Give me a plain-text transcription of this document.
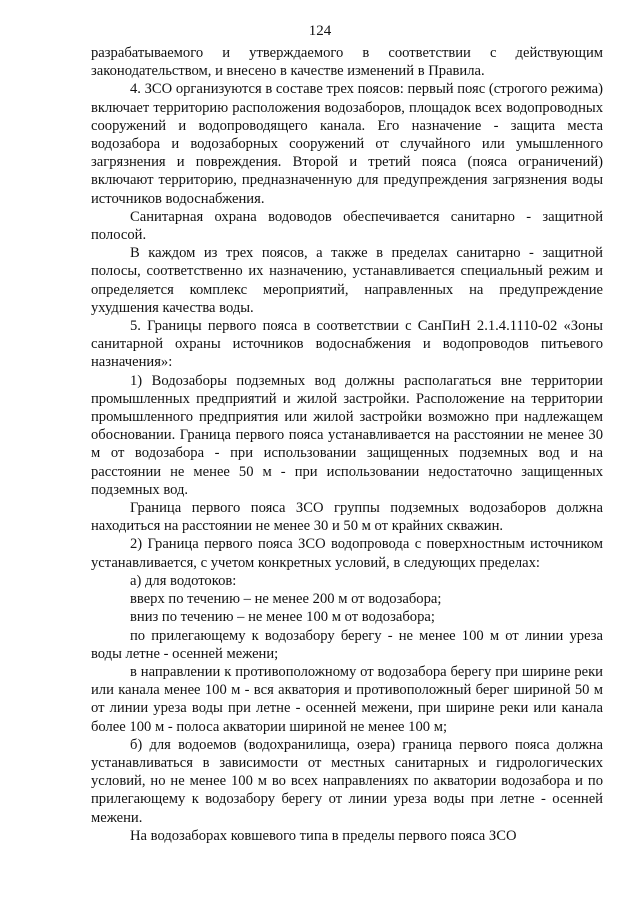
124

разрабатываемого и утверждаемого в соответствии с действующим законодательством, и внесено в качестве изменений в Правила.

4. ЗСО организуются в составе трех поясов: первый пояс (строгого режима) включает территорию расположения водозаборов, площадок всех водопроводных сооружений и водопроводящего канала. Его назначение - защита места водозабора и водозаборных сооружений от случайного или умышленного загрязнения и повреждения. Второй и третий пояса (пояса ограничений) включают территорию, предназначенную для предупреждения загрязнения воды источников водоснабжения.

Санитарная охрана водоводов обеспечивается санитарно - защитной полосой.

В каждом из трех поясов, а также в пределах санитарно - защитной полосы, соответственно их назначению, устанавливается специальный режим и определяется комплекс мероприятий, направленных на предупреждение ухудшения качества воды.

5. Границы первого пояса в соответствии с СанПиН 2.1.4.1110-02 «Зоны санитарной охраны источников водоснабжения и водопроводов питьевого назначения»:

1) Водозаборы подземных вод должны располагаться вне территории промышленных предприятий и жилой застройки. Расположение на территории промышленного предприятия или жилой застройки возможно при надлежащем обосновании. Граница первого пояса устанавливается на расстоянии не менее 30 м от водозабора - при использовании защищенных подземных вод и на расстоянии не менее 50 м - при использовании недостаточно защищенных подземных вод.

Граница первого пояса ЗСО группы подземных водозаборов должна находиться на расстоянии не менее 30 и 50 м от крайних скважин.

2) Граница первого пояса ЗСО водопровода с поверхностным источником устанавливается, с учетом конкретных условий, в следующих пределах:

а) для водотоков:

вверх по течению – не менее 200 м от водозабора;

вниз по течению – не менее 100 м от водозабора;

по прилегающему к водозабору берегу - не менее 100 м от линии уреза воды летне - осенней межени;

в направлении к противоположному от водозабора берегу при ширине реки или канала менее 100 м - вся акватория и противоположный берег шириной 50 м от линии уреза воды при летне - осенней межени, при ширине реки или канала более 100 м - полоса акватории шириной не менее 100 м;

б) для водоемов (водохранилища, озера) граница первого пояса должна устанавливаться в зависимости от местных санитарных и гидрологических условий, но не менее 100 м во всех направлениях по акватории водозабора и по прилегающему к водозабору берегу от линии уреза воды при летне - осенней межени.

На водозаборах ковшевого типа в пределы первого пояса ЗСО
